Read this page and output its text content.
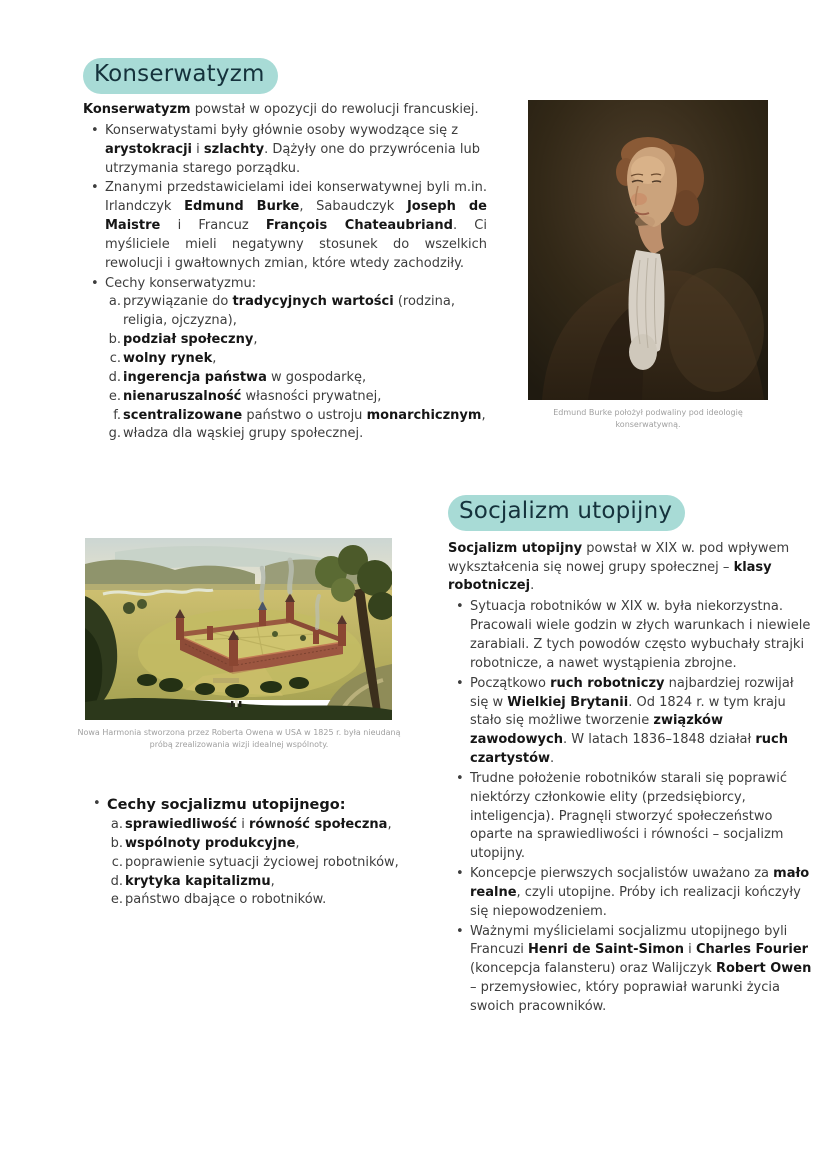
Konserwatyzm

Konserwatyzm powstał w opozycji do rewolucji francuskiej.

• Konserwatystami były głównie osoby wywodzące się z arystokracji i szlachty. Dążyły one do przywrócenia lub utrzymania starego porządku.
• Znanymi przedstawicielami idei konserwatywnej byli m.in. Irlandczyk Edmund Burke, Sabaudczyk Joseph de Maistre i Francuz François Chateaubriand. Ci myśliciele mieli negatywny stosunek do wszelkich rewolucji i gwałtownych zmian, które wtedy zachodziły.
• Cechy konserwatyzmu:
a. przywiązanie do tradycyjnych wartości (rodzina, religia, ojczyzna),
b. podział społeczny,
c. wolny rynek,
d. ingerencja państwa w gospodarkę,
e. nienaruszalność własności prywatnej,
f. scentralizowane państwo o ustroju monarchicznym,
g. władza dla wąskiej grupy społecznej.
Edmund Burke położył podwaliny pod ideologię konserwatywną.
Nowa Harmonia stworzona przez Roberta Owena w USA w 1825 r. była nieudaną próbą zrealizowania wizji idealnej wspólnoty.
• Cechy socjalizmu utopijnego:
a. sprawiedliwość i równość społeczna,
b. wspólnoty produkcyjne,
c. poprawienie sytuacji życiowej robotników,
d. krytyka kapitalizmu,
e. państwo dbające o robotników.
Socjalizm utopijny

Socjalizm utopijny powstał w XIX w. pod wpływem wykształcenia się nowej grupy społecznej – klasy robotniczej.

• Sytuacja robotników w XIX w. była niekorzystna. Pracowali wiele godzin w złych warunkach i niewiele zarabiali. Z tych powodów często wybuchały strajki robotnicze, a nawet wystąpienia zbrojne.
• Początkowo ruch robotniczy najbardziej rozwijał się w Wielkiej Brytanii. Od 1824 r. w tym kraju stało się możliwe tworzenie związków zawodowych. W latach 1836–1848 działał ruch czartystów.
• Trudne położenie robotników starali się poprawić niektórzy członkowie elity (przedsiębiorcy, inteligencja). Pragnęli stworzyć społeczeństwo oparte na sprawiedliwości i równości – socjalizm utopijny.
• Koncepcje pierwszych socjalistów uważano za mało realne, czyli utopijne. Próby ich realizacji kończyły się niepowodzeniem.
• Ważnymi myślicielami socjalizmu utopijnego byli Francuzi Henri de Saint-Simon i Charles Fourier (koncepcja falansteru) oraz Walijczyk Robert Owen – przemysłowiec, który poprawiał warunki życia swoich pracowników.
